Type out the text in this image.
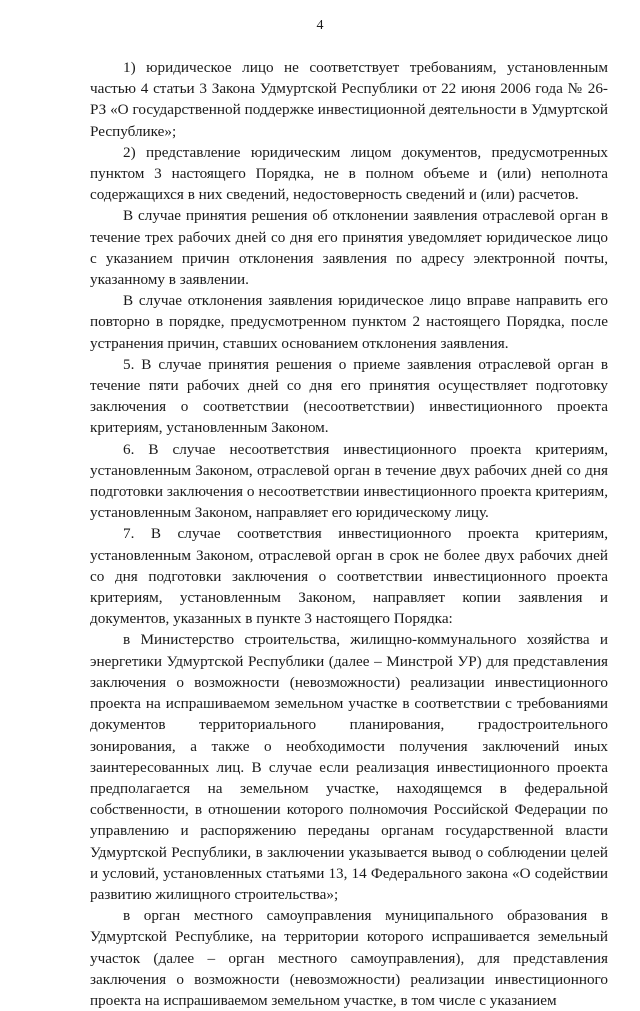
4

1) юридическое лицо не соответствует требованиям, установленным частью 4 статьи 3 Закона Удмуртской Республики от 22 июня 2006 года № 26-РЗ «О государственной поддержке инвестиционной деятельности в Удмуртской Республике»;

2) представление юридическим лицом документов, предусмотренных пунктом 3 настоящего Порядка, не в полном объеме и (или) неполнота содержащихся в них сведений, недостоверность сведений и (или) расчетов.

В случае принятия решения об отклонении заявления отраслевой орган в течение трех рабочих дней со дня его принятия уведомляет юридическое лицо с указанием причин отклонения заявления по адресу электронной почты, указанному в заявлении.

В случае отклонения заявления юридическое лицо вправе направить его повторно в порядке, предусмотренном пунктом 2 настоящего Порядка, после устранения причин, ставших основанием отклонения заявления.

5. В случае принятия решения о приеме заявления отраслевой орган в течение пяти рабочих дней со дня его принятия осуществляет подготовку заключения о соответствии (несоответствии) инвестиционного проекта критериям, установленным Законом.

6. В случае несоответствия инвестиционного проекта критериям, установленным Законом, отраслевой орган в течение двух рабочих дней со дня подготовки заключения о несоответствии инвестиционного проекта критериям, установленным Законом, направляет его юридическому лицу.

7. В случае соответствия инвестиционного проекта критериям, установленным Законом, отраслевой орган в срок не более двух рабочих дней со дня подготовки заключения о соответствии инвестиционного проекта критериям, установленным Законом, направляет копии заявления и документов, указанных в пункте 3 настоящего Порядка:

в Министерство строительства, жилищно-коммунального хозяйства и энергетики Удмуртской Республики (далее – Минстрой УР) для представления заключения о возможности (невозможности) реализации инвестиционного проекта на испрашиваемом земельном участке в соответствии с требованиями документов территориального планирования, градостроительного зонирования, а также о необходимости получения заключений иных заинтересованных лиц. В случае если реализация инвестиционного проекта предполагается на земельном участке, находящемся в федеральной собственности, в отношении которого полномочия Российской Федерации по управлению и распоряжению переданы органам государственной власти Удмуртской Республики, в заключении указывается вывод о соблюдении целей и условий, установленных статьями 13, 14 Федерального закона «О содействии развитию жилищного строительства»;

в орган местного самоуправления муниципального образования в Удмуртской Республике, на территории которого испрашивается земельный участок (далее – орган местного самоуправления), для представления заключения о возможности (невозможности) реализации инвестиционного проекта на испрашиваемом земельном участке, в том числе с указанием
